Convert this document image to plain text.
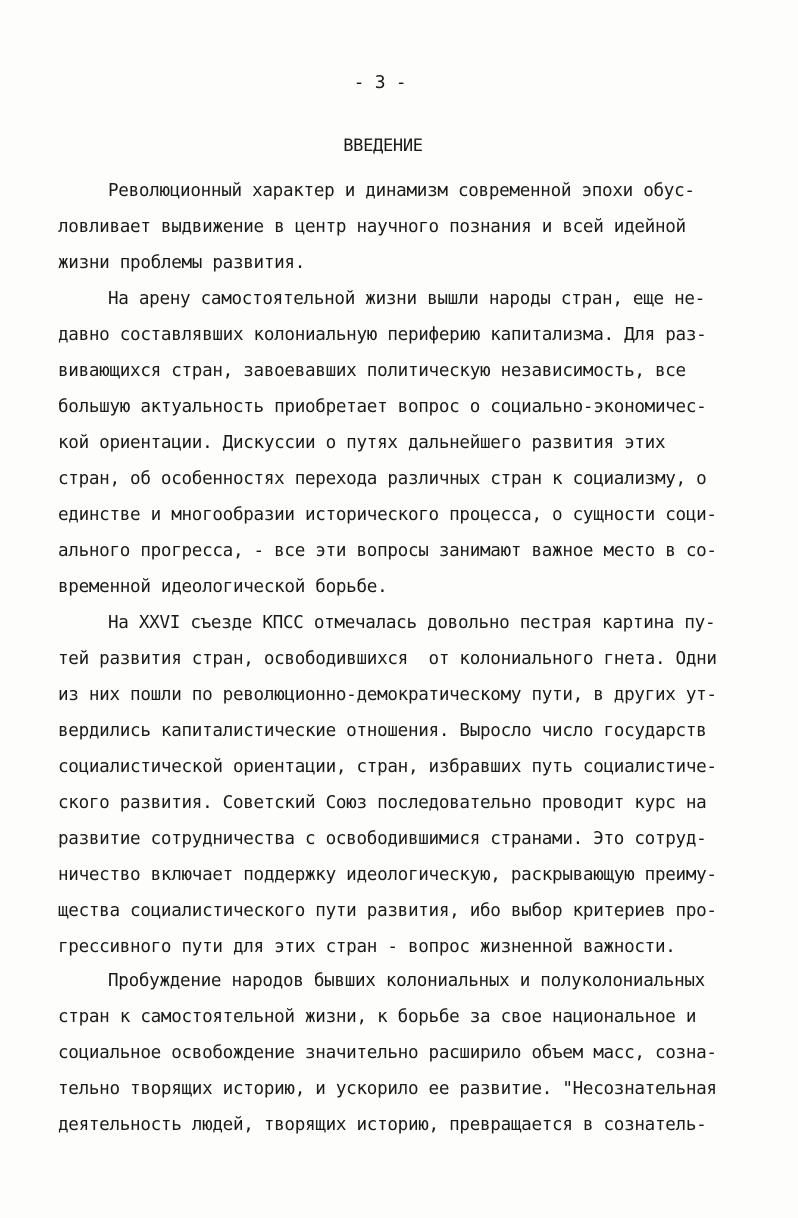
- 3 -
ВВЕДЕНИЕ
Революционный характер и динамизм современной эпохи обус-
ловливает выдвижение в центр научного познания и всей идейной
жизни проблемы развития.
На арену самостоятельной жизни вышли народы стран, еще не-
давно составлявших колониальную периферию капитализма. Для раз-
вивающихся стран, завоевавших политическую независимость, все
большую актуальность приобретает вопрос о социально-экономичес-
кой ориентации. Дискуссии о путях дальнейшего развития этих
стран, об особенностях перехода различных стран к социализму, о
единстве и многообразии исторического процесса, о сущности соци-
ального прогресса, - все эти вопросы занимают важное место в со-
временной идеологической борьбе.
На XXVI съезде КПСС отмечалась довольно пестрая картина пу-
тей развития стран, освободившихся  от колониального гнета. Одни
из них пошли по революционно-демократическому пути, в других ут-
вердились капиталистические отношения. Выросло число государств
социалистической ориентации, стран, избравших путь социалистиче-
ского развития. Советский Союз последовательно проводит курс на
развитие сотрудничества с освободившимися странами. Это сотруд-
ничество включает поддержку идеологическую, раскрывающую преиму-
щества социалистического пути развития, ибо выбор критериев про-
грессивного пути для этих стран - вопрос жизненной важности.
Пробуждение народов бывших колониальных и полуколониальных
стран к самостоятельной жизни, к борьбе за свое национальное и
социальное освобождение значительно расширило объем масс, созна-
тельно творящих историю, и ускорило ее развитие. "Несознательная
деятельность людей, творящих историю, превращается в сознатель-
